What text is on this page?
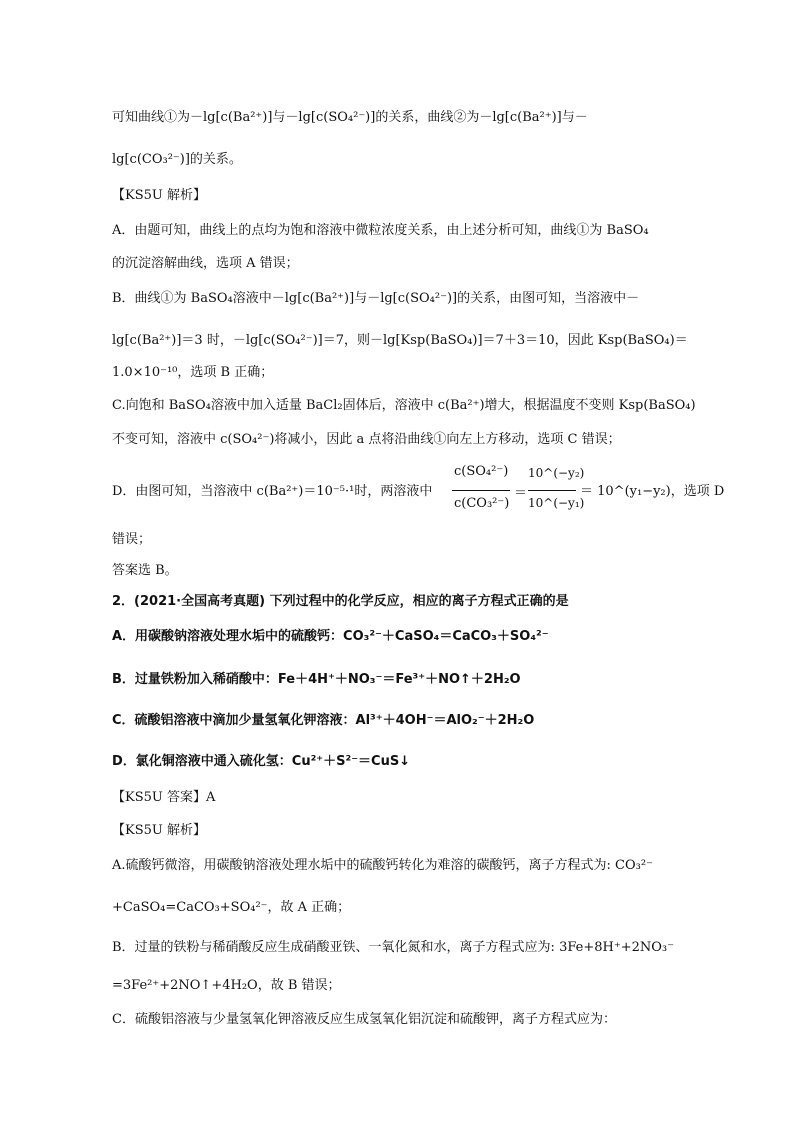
可知曲线①为－lg[c(Ba²⁺)]与－lg[c(SO₄²⁻)]的关系，曲线②为－lg[c(Ba²⁺)]与－
lg[c(CO₃²⁻)]的关系。
【KS5U 解析】
A．由题可知，曲线上的点均为饱和溶液中微粒浓度关系，由上述分析可知，曲线①为 BaSO₄
的沉淀溶解曲线，选项 A 错误；
B．曲线①为 BaSO₄溶液中－lg[c(Ba²⁺)]与－lg[c(SO₄²⁻)]的关系，由图可知，当溶液中－
lg[c(Ba²⁺)]＝3 时，－lg[c(SO₄²⁻)]＝7，则－lg[Ksp(BaSO₄)]＝7＋3＝10，因此 Ksp(BaSO₄)＝
1.0×10⁻¹⁰，选项 B 正确；
C.向饱和 BaSO₄溶液中加入适量 BaCl₂固体后，溶液中 c(Ba²⁺)增大，根据温度不变则 Ksp(BaSO₄)
不变可知，溶液中 c(SO₄²⁻)将减小，因此 a 点将沿曲线①向左上方移动，选项 C 错误；
D．由图可知，当溶液中 c(Ba²⁺)＝10⁻⁵·¹时，两溶液中
c(SO₄²⁻)
c(CO₃²⁻)
＝
10^(−y₂)
10^(−y₁)
＝ 10^(y₁−y₂)，选项 D
错误；
答案选 B。
2．(2021·全国高考真题) 下列过程中的化学反应，相应的离子方程式正确的是
A．用碳酸钠溶液处理水垢中的硫酸钙：CO₃²⁻＋CaSO₄＝CaCO₃＋SO₄²⁻
B．过量铁粉加入稀硝酸中：Fe＋4H⁺＋NO₃⁻＝Fe³⁺＋NO↑＋2H₂O
C．硫酸铝溶液中滴加少量氢氧化钾溶液：Al³⁺＋4OH⁻＝AlO₂⁻＋2H₂O
D．氯化铜溶液中通入硫化氢：Cu²⁺＋S²⁻＝CuS↓
【KS5U 答案】A
【KS5U 解析】
A.硫酸钙微溶，用碳酸钠溶液处理水垢中的硫酸钙转化为难溶的碳酸钙，离子方程式为: CO₃²⁻
+CaSO₄=CaCO₃+SO₄²⁻，故 A 正确；
B．过量的铁粉与稀硝酸反应生成硝酸亚铁、一氧化氮和水，离子方程式应为: 3Fe+8H⁺+2NO₃⁻
=3Fe²⁺+2NO↑+4H₂O，故 B 错误；
C．硫酸铝溶液与少量氢氧化钾溶液反应生成氢氧化铝沉淀和硫酸钾，离子方程式应为：
